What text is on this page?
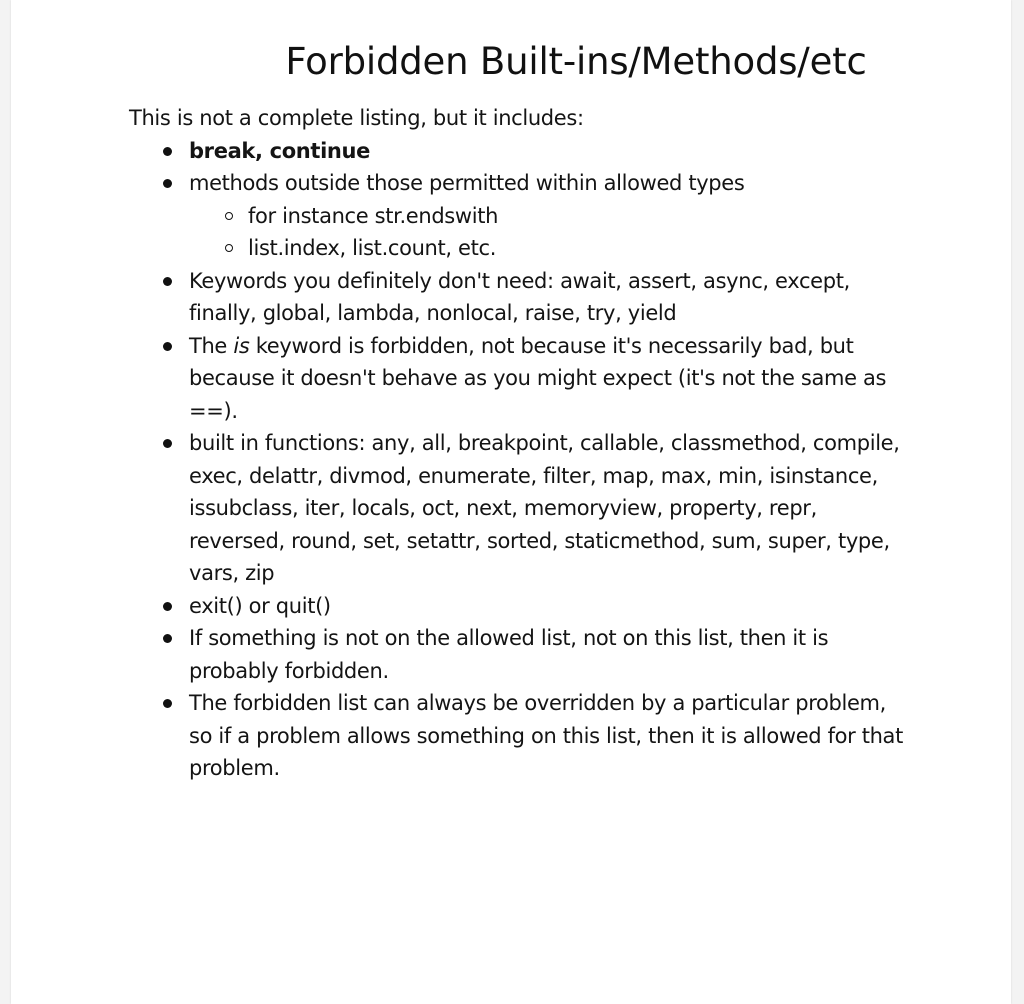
Forbidden Built-ins/Methods/etc

This is not a complete listing, but it includes:

break, continue
methods outside those permitted within allowed types
for instance str.endswith
list.index, list.count, etc.
Keywords you definitely don't need: await, assert, async, except, finally, global, lambda, nonlocal, raise, try, yield
The is keyword is forbidden, not because it's necessarily bad, but because it doesn't behave as you might expect (it's not the same as ==).
built in functions: any, all, breakpoint, callable, classmethod, compile, exec, delattr, divmod, enumerate, filter, map, max, min, isinstance, issubclass, iter, locals, oct, next, memoryview, property, repr, reversed, round, set, setattr, sorted, staticmethod, sum, super, type, vars, zip
exit() or quit()
If something is not on the allowed list, not on this list, then it is probably forbidden.
The forbidden list can always be overridden by a particular problem, so if a problem allows something on this list, then it is allowed for that problem.
